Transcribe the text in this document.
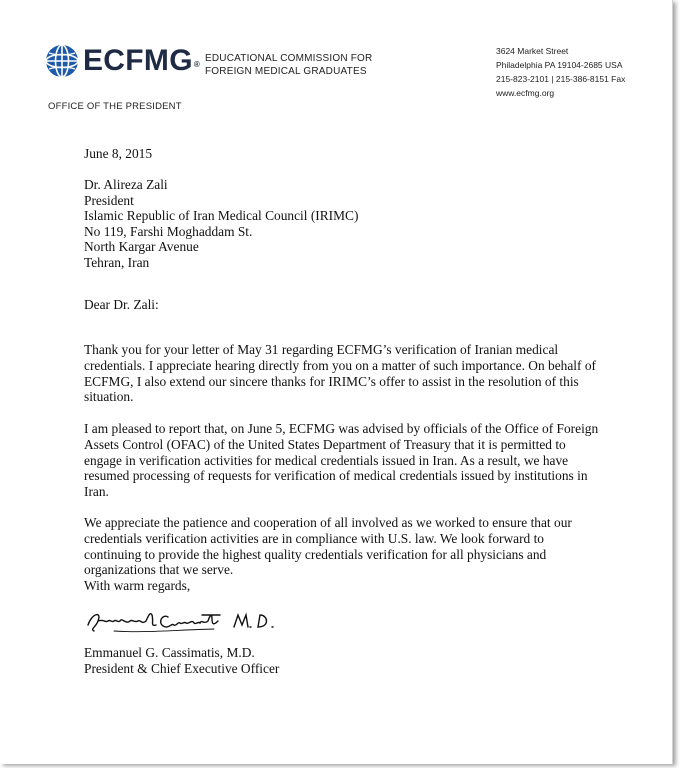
ECFMG®
EDUCATIONAL COMMISSION FOR
FOREIGN MEDICAL GRADUATES
3624 Market Street
Philadelphia PA 19104-2685 USA
215-823-2101 | 215-386-8151 Fax
www.ecfmg.org
OFFICE OF THE PRESIDENT
June 8, 2015
Dr. Alireza Zali
President
Islamic Republic of Iran Medical Council (IRIMC)
No 119, Farshi Moghaddam St.
North Kargar Avenue
Tehran, Iran
Dear Dr. Zali:

Thank you for your letter of May 31 regarding ECFMG’s verification of Iranian medical credentials. I appreciate hearing directly from you on a matter of such importance. On behalf of ECFMG, I also extend our sincere thanks for IRIMC’s offer to assist in the resolution of this situation.

I am pleased to report that, on June 5, ECFMG was advised by officials of the Office of Foreign Assets Control (OFAC) of the United States Department of Treasury that it is permitted to engage in verification activities for medical credentials issued in Iran. As a result, we have resumed processing of requests for verification of medical credentials issued by institutions in Iran.

We appreciate the patience and cooperation of all involved as we worked to ensure that our credentials verification activities are in compliance with U.S. law. We look forward to continuing to provide the highest quality credentials verification for all physicians and organizations that we serve.

With warm regards,
Emmanuel G. Cassimatis, M.D.
President & Chief Executive Officer
